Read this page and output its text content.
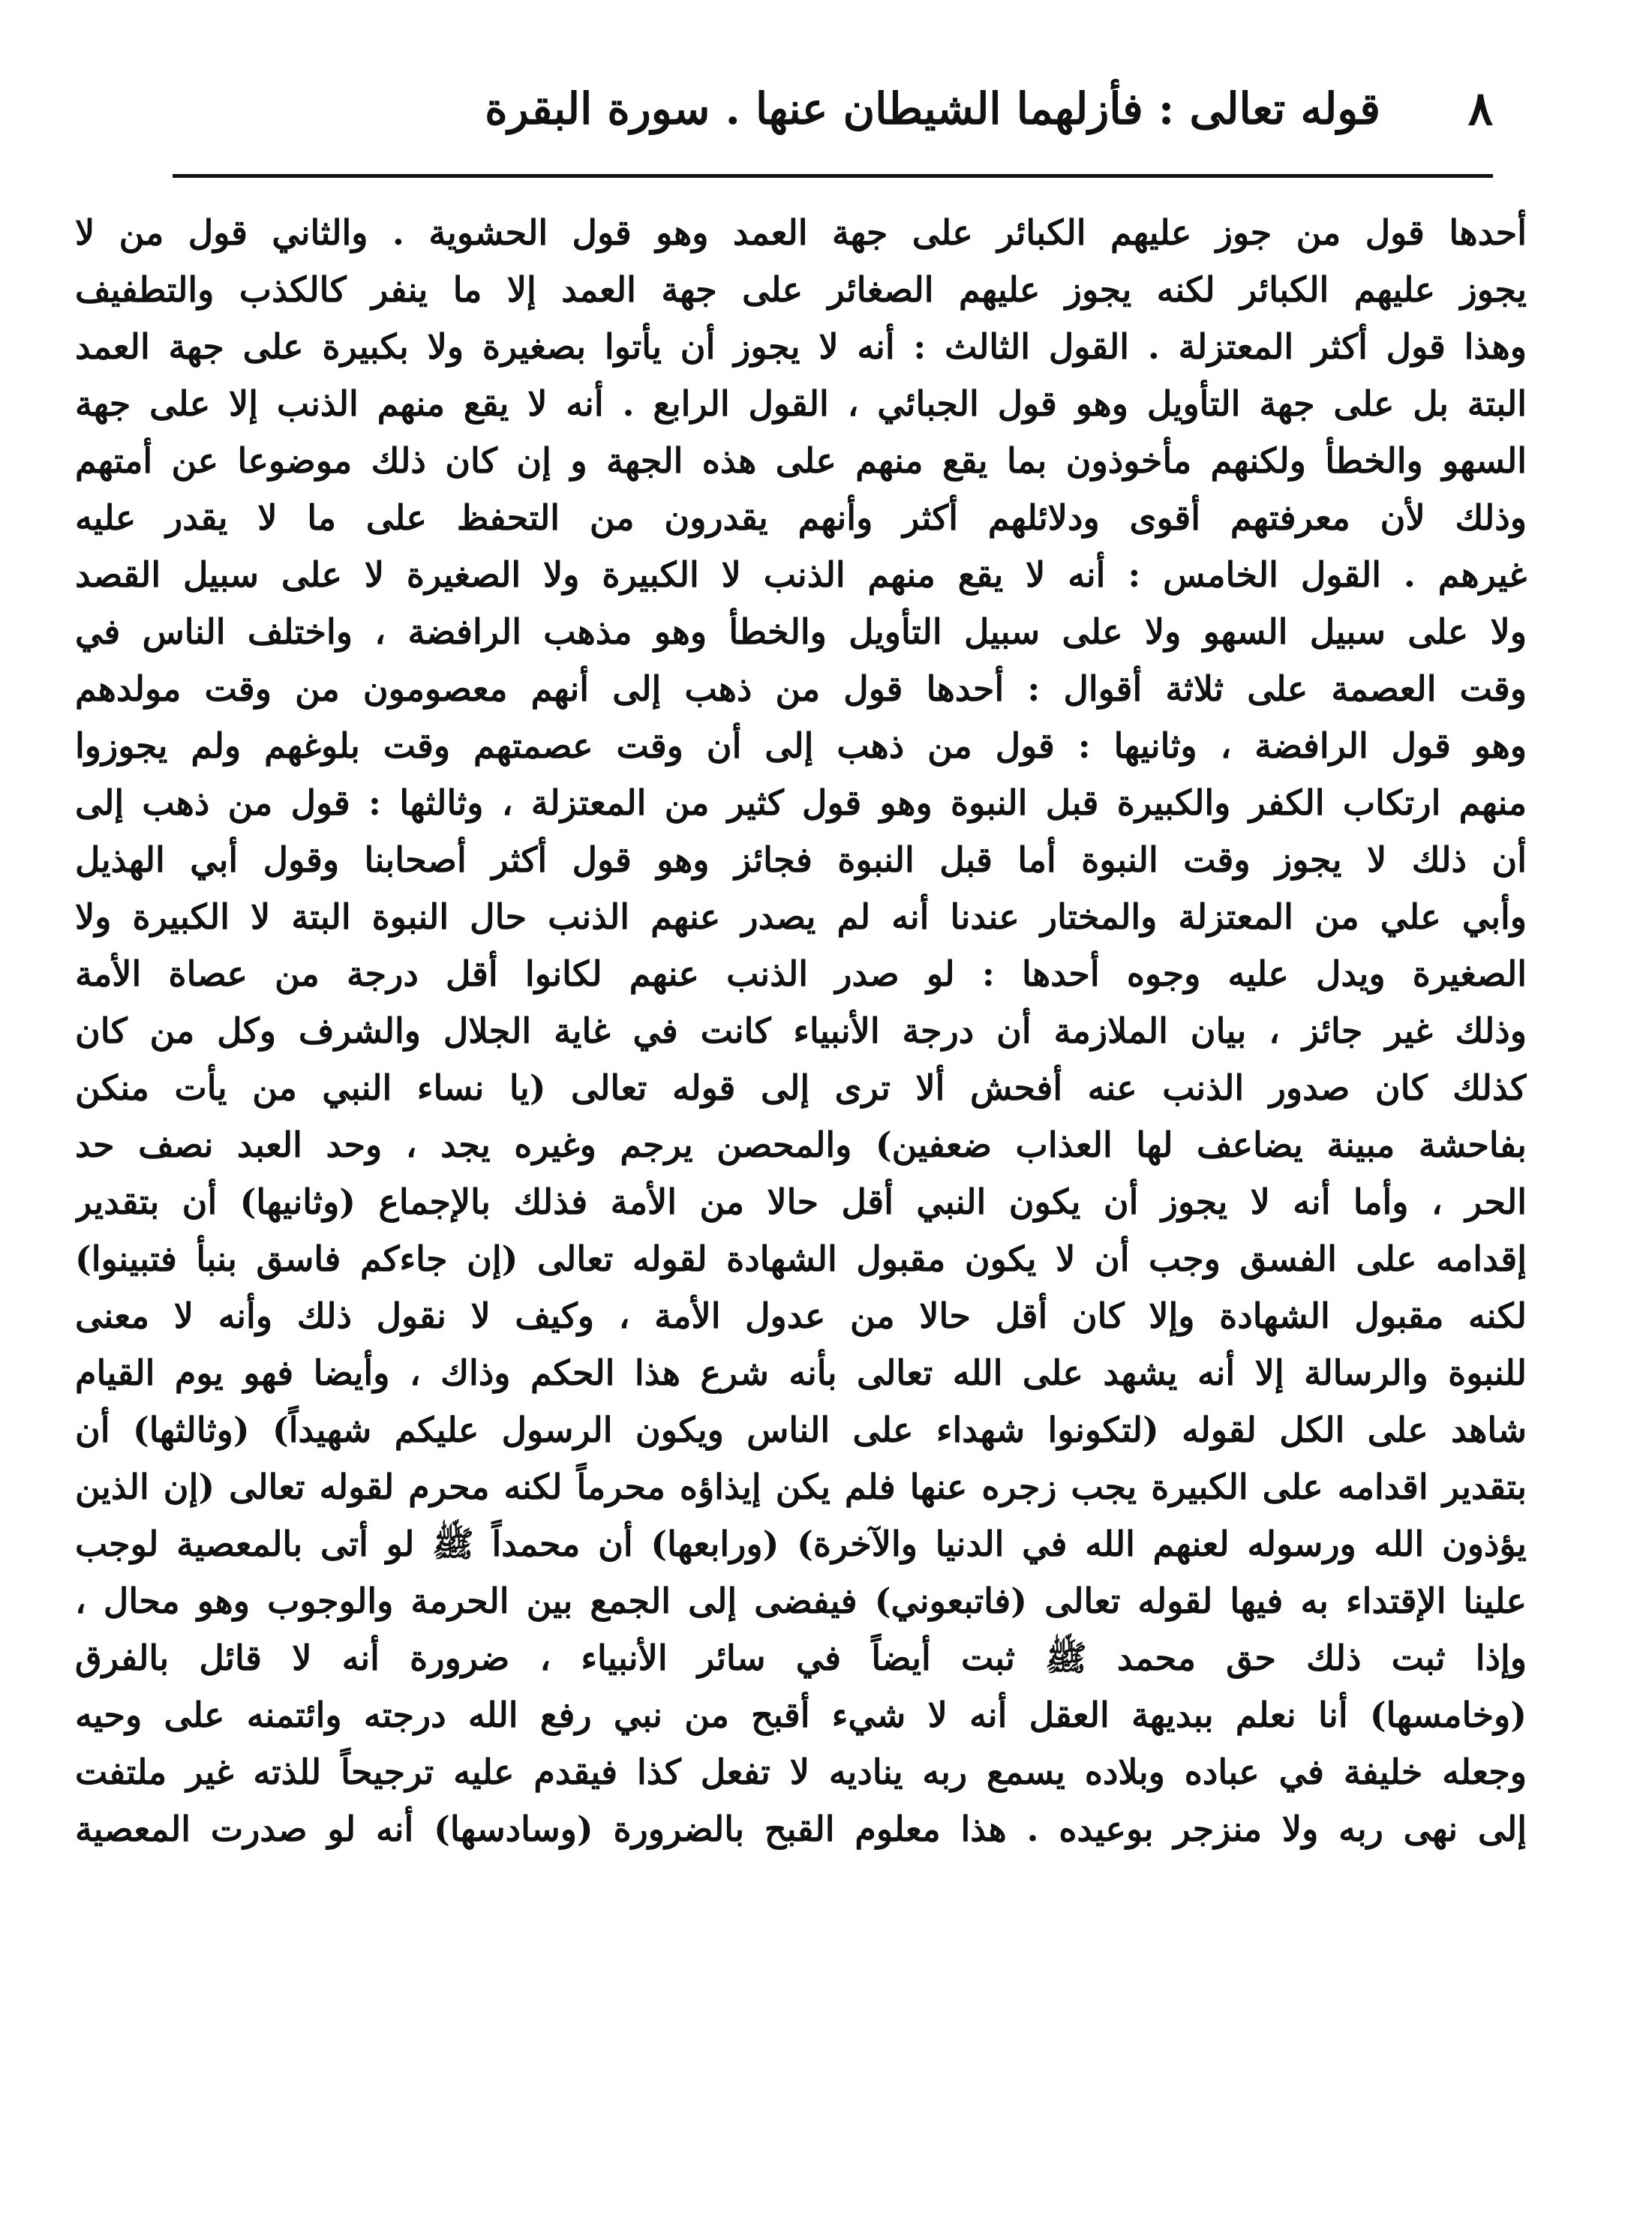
٨
قوله تعالى : فأزلهما الشيطان عنها . سورة البقرة
أحدها قول من جوز عليهم الكبائر على جهة العمد وهو قول الحشوية . والثاني قول من لا
يجوز عليهم الكبائر لكنه يجوز عليهم الصغائر على جهة العمد إلا ما ينفر كالكذب والتطفيف
وهذا قول أكثر المعتزلة . القول الثالث : أنه لا يجوز أن يأتوا بصغيرة ولا بكبيرة على جهة العمد
البتة بل على جهة التأويل وهو قول الجبائي ، القول الرابع . أنه لا يقع منهم الذنب إلا على جهة
السهو والخطأ ولكنهم مأخوذون بما يقع منهم على هذه الجهة و إن كان ذلك موضوعا عن أمتهم
وذلك لأن معرفتهم أقوى ودلائلهم أكثر وأنهم يقدرون من التحفظ على ما لا يقدر عليه
غيرهم . القول الخامس : أنه لا يقع منهم الذنب لا الكبيرة ولا الصغيرة لا على سبيل القصد
ولا على سبيل السهو ولا على سبيل التأويل والخطأ وهو مذهب الرافضة ، واختلف الناس في
وقت العصمة على ثلاثة أقوال : أحدها قول من ذهب إلى أنهم معصومون من وقت مولدهم
وهو قول الرافضة ، وثانيها : قول من ذهب إلى أن وقت عصمتهم وقت بلوغهم ولم يجوزوا
منهم ارتكاب الكفر والكبيرة قبل النبوة وهو قول كثير من المعتزلة ، وثالثها : قول من ذهب إلى
أن ذلك لا يجوز وقت النبوة أما قبل النبوة فجائز وهو قول أكثر أصحابنا وقول أبي الهذيل
وأبي علي من المعتزلة والمختار عندنا أنه لم يصدر عنهم الذنب حال النبوة البتة لا الكبيرة ولا
الصغيرة ويدل عليه وجوه أحدها : لو صدر الذنب عنهم لكانوا أقل درجة من عصاة الأمة
وذلك غير جائز ، بيان الملازمة أن درجة الأنبياء كانت في غاية الجلال والشرف وكل من كان
كذلك كان صدور الذنب عنه أفحش ألا ترى إلى قوله تعالى (يا نساء النبي من يأت منكن
بفاحشة مبينة يضاعف لها العذاب ضعفين) والمحصن يرجم وغيره يجد ، وحد العبد نصف حد
الحر ، وأما أنه لا يجوز أن يكون النبي أقل حالا من الأمة فذلك بالإجماع (وثانيها) أن بتقدير
إقدامه على الفسق وجب أن لا يكون مقبول الشهادة لقوله تعالى (إن جاءكم فاسق بنبأ فتبينوا)
لكنه مقبول الشهادة وإلا كان أقل حالا من عدول الأمة ، وكيف لا نقول ذلك وأنه لا معنى
للنبوة والرسالة إلا أنه يشهد على الله تعالى بأنه شرع هذا الحكم وذاك ، وأيضا فهو يوم القيام
شاهد على الكل لقوله (لتكونوا شهداء على الناس ويكون الرسول عليكم شهيداً) (وثالثها) أن
بتقدير اقدامه على الكبيرة يجب زجره عنها فلم يكن إيذاؤه محرماً لكنه محرم لقوله تعالى (إن الذين
يؤذون الله ورسوله لعنهم الله في الدنيا والآخرة) (ورابعها) أن محمداً ﷺ لو أتى بالمعصية لوجب
علينا الإقتداء به فيها لقوله تعالى (فاتبعوني) فيفضى إلى الجمع بين الحرمة والوجوب وهو محال ،
وإذا ثبت ذلك حق محمد ﷺ ثبت أيضاً في سائر الأنبياء ، ضرورة أنه لا قائل بالفرق
(وخامسها) أنا نعلم ببديهة العقل أنه لا شيء أقبح من نبي رفع الله درجته وائتمنه على وحيه
وجعله خليفة في عباده وبلاده يسمع ربه يناديه لا تفعل كذا فيقدم عليه ترجيحاً للذته غير ملتفت
إلى نهى ربه ولا منزجر بوعيده . هذا معلوم القبح بالضرورة (وسادسها) أنه لو صدرت المعصية
